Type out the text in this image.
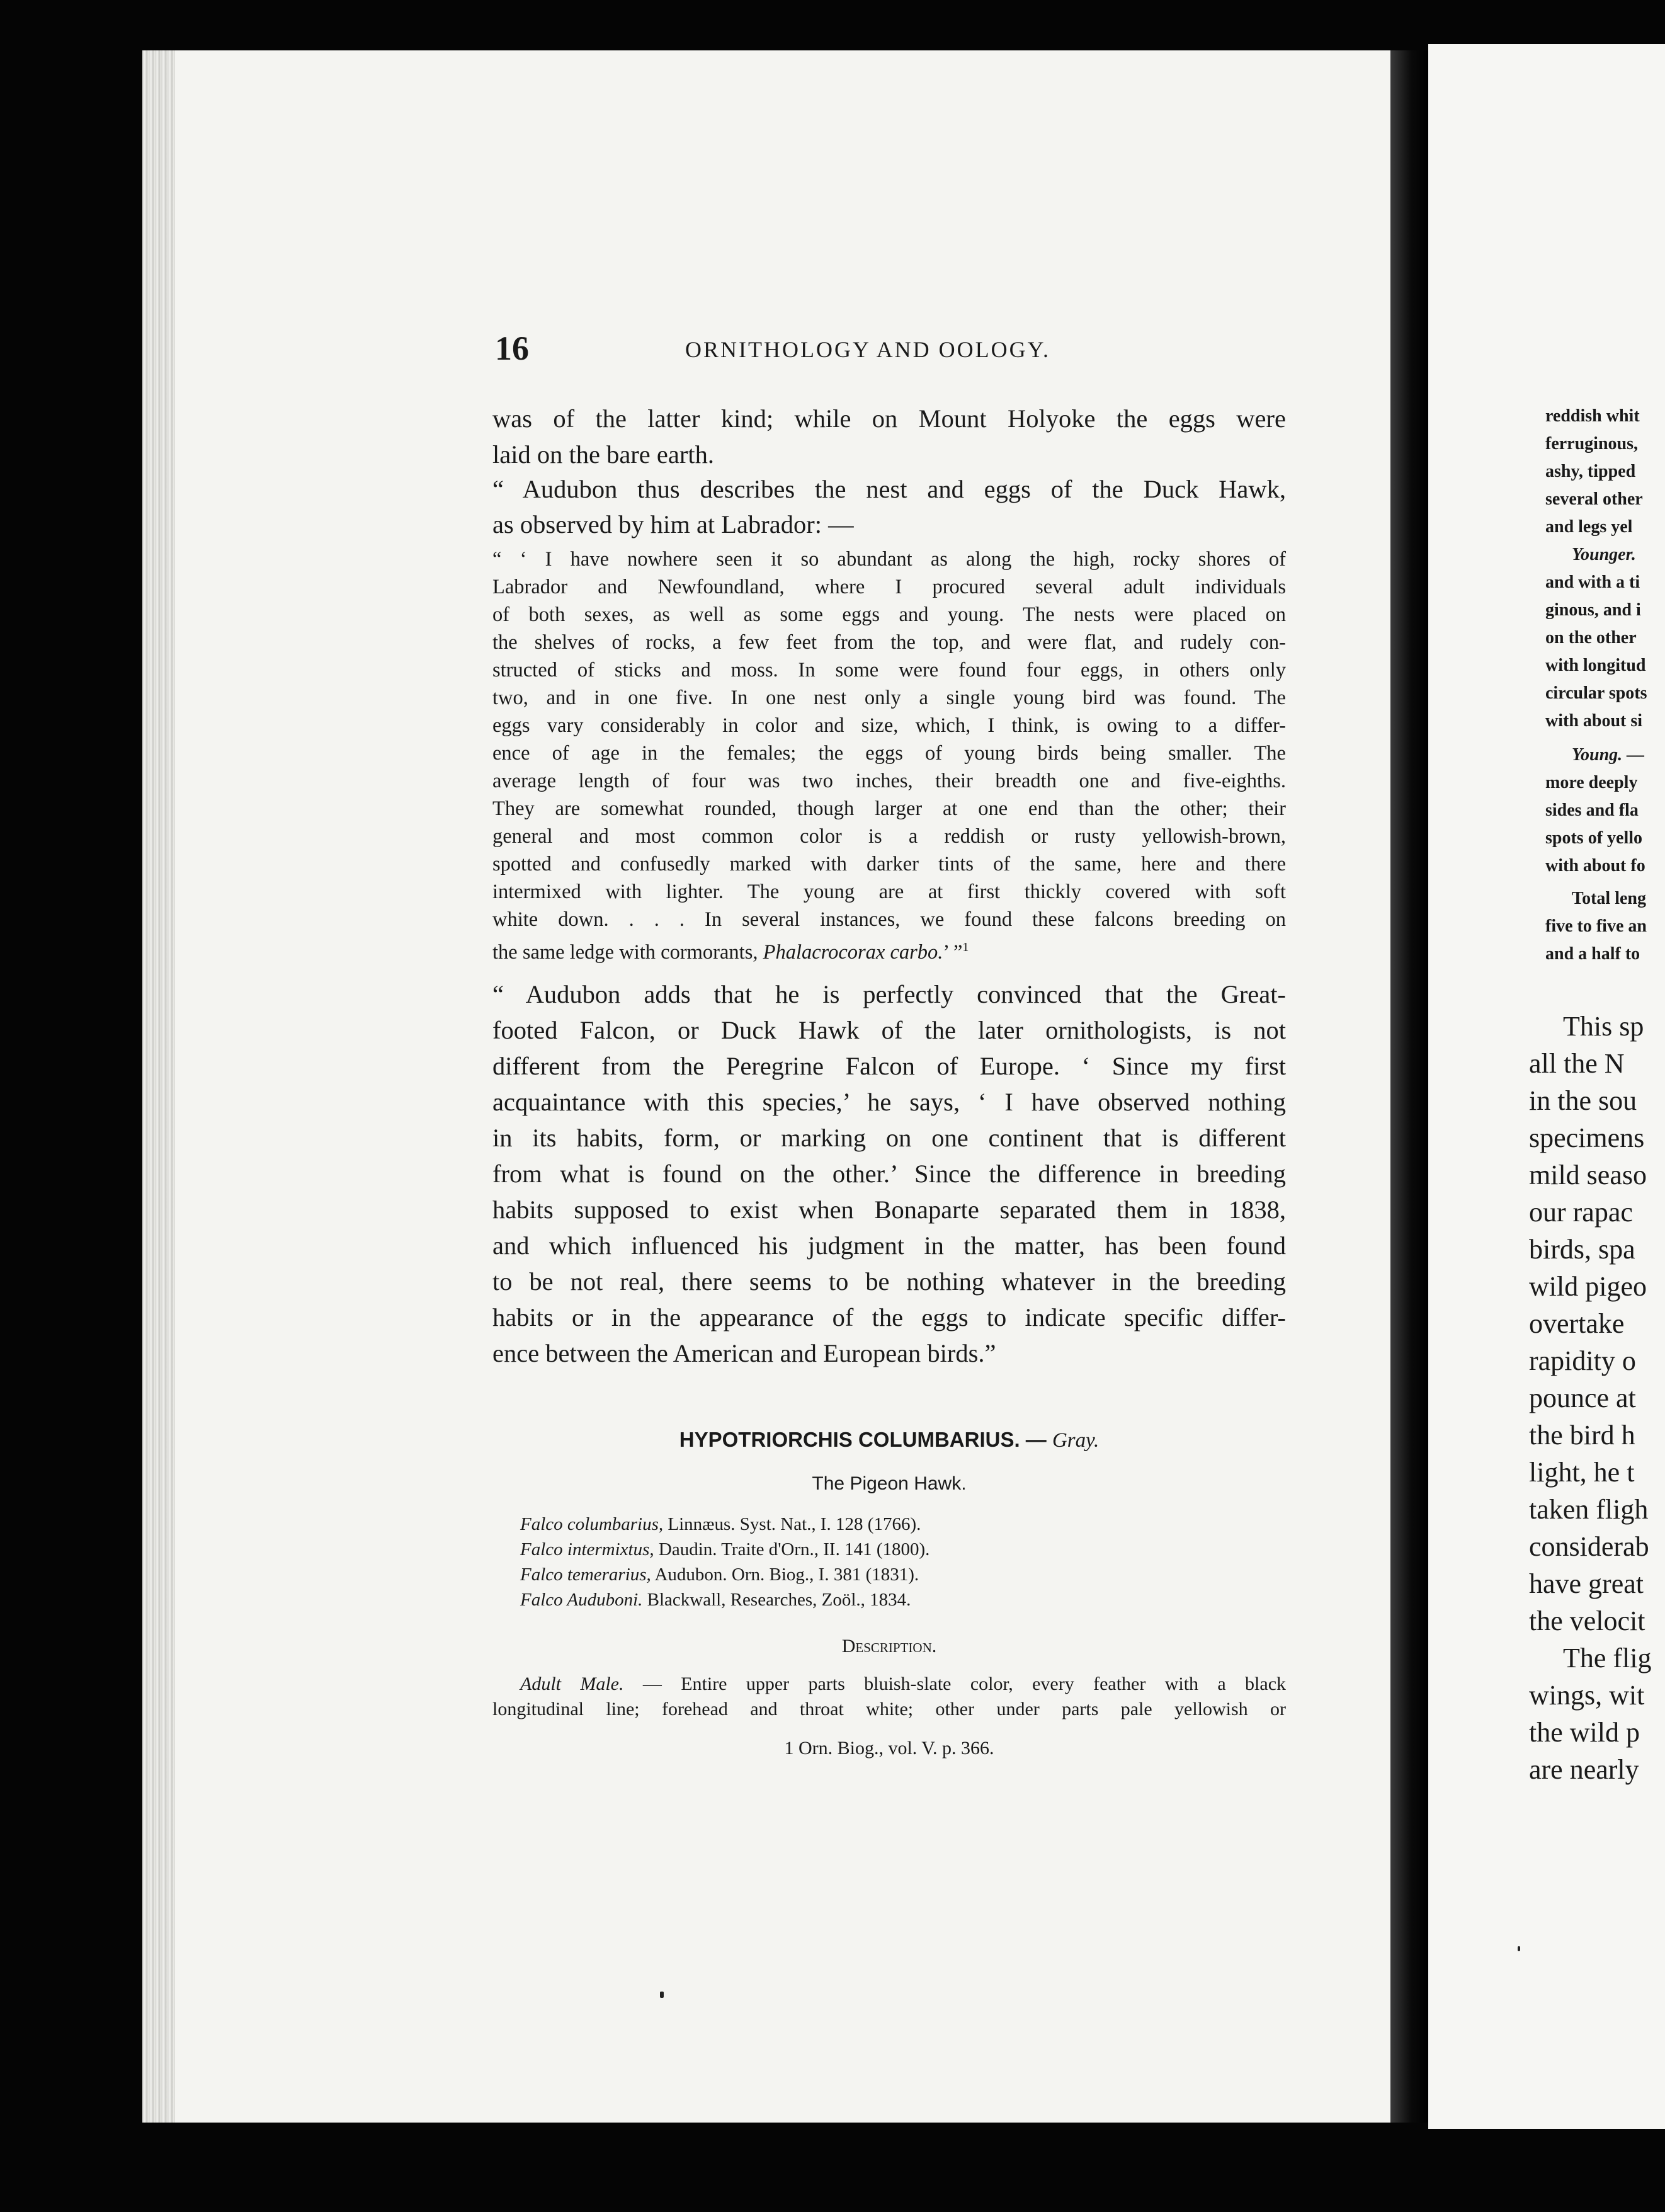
16	ORNITHOLOGY AND OOLOGY.
was of the latter kind; while on Mount Holyoke the eggs were
laid on the bare earth.
“ Audubon thus describes the nest and eggs of the Duck Hawk,
as observed by him at Labrador: —
“ ‘ I have nowhere seen it so abundant as along the high, rocky shores of
Labrador and Newfoundland, where I procured several adult individuals
of both sexes, as well as some eggs and young. The nests were placed on
the shelves of rocks, a few feet from the top, and were flat, and rudely con-
structed of sticks and moss. In some were found four eggs, in others only
two, and in one five. In one nest only a single young bird was found. The
eggs vary considerably in color and size, which, I think, is owing to a differ-
ence of age in the females; the eggs of young birds being smaller. The
average length of four was two inches, their breadth one and five-eighths.
They are somewhat rounded, though larger at one end than the other; their
general and most common color is a reddish or rusty yellowish-brown,
spotted and confusedly marked with darker tints of the same, here and there
intermixed with lighter. The young are at first thickly covered with soft
white down. . . . In several instances, we found these falcons breeding on
the same ledge with cormorants, Phalacrocorax carbo.’ ”$^1$
“ Audubon adds that he is perfectly convinced that the Great-
footed Falcon, or Duck Hawk of the later ornithologists, is not
different from the Peregrine Falcon of Europe. ‘ Since my first
acquaintance with this species,’ he says, ‘ I have observed nothing
in its habits, form, or marking on one continent that is different
from what is found on the other.’ Since the difference in breeding
habits supposed to exist when Bonaparte separated them in 1838,
and which influenced his judgment in the matter, has been found
to be not real, there seems to be nothing whatever in the breeding
habits or in the appearance of the eggs to indicate specific differ-
ence between the American and European birds.”
HYPOTRIORCHIS COLUMBARIUS. — Gray.
The Pigeon Hawk.
Falco columbarius, Linnæus. Syst. Nat., I. 128 (1766).
Falco intermixtus, Daudin. Traite d'Orn., II. 141 (1800).
Falco temerarius, Audubon. Orn. Biog., I. 381 (1831).
Falco Auduboni. Blackwall, Researches, Zoöl., 1834.
Description.
Adult Male. — Entire upper parts bluish-slate color, every feather with a black
longitudinal line; forehead and throat white; other under parts pale yellowish or
1 Orn. Biog., vol. V. p. 366.
reddish whit
ferruginous,
ashy, tipped
several other
and legs yel
Younger.
and with a ti
ginous, and i
on the other
with longitud
circular spots
with about si
Young. —
more deeply
sides and fla
spots of yello
with about fo
Total leng
five to five an
and a half to
This sp
all the N
in the sou
specimens
mild seaso
our rapac
birds, spa
wild pigeo
overtake
rapidity o
pounce at
the bird h
light, he t
taken fligh
considerab
have great
the velocit
The flig
wings, wit
the wild p
are nearly
